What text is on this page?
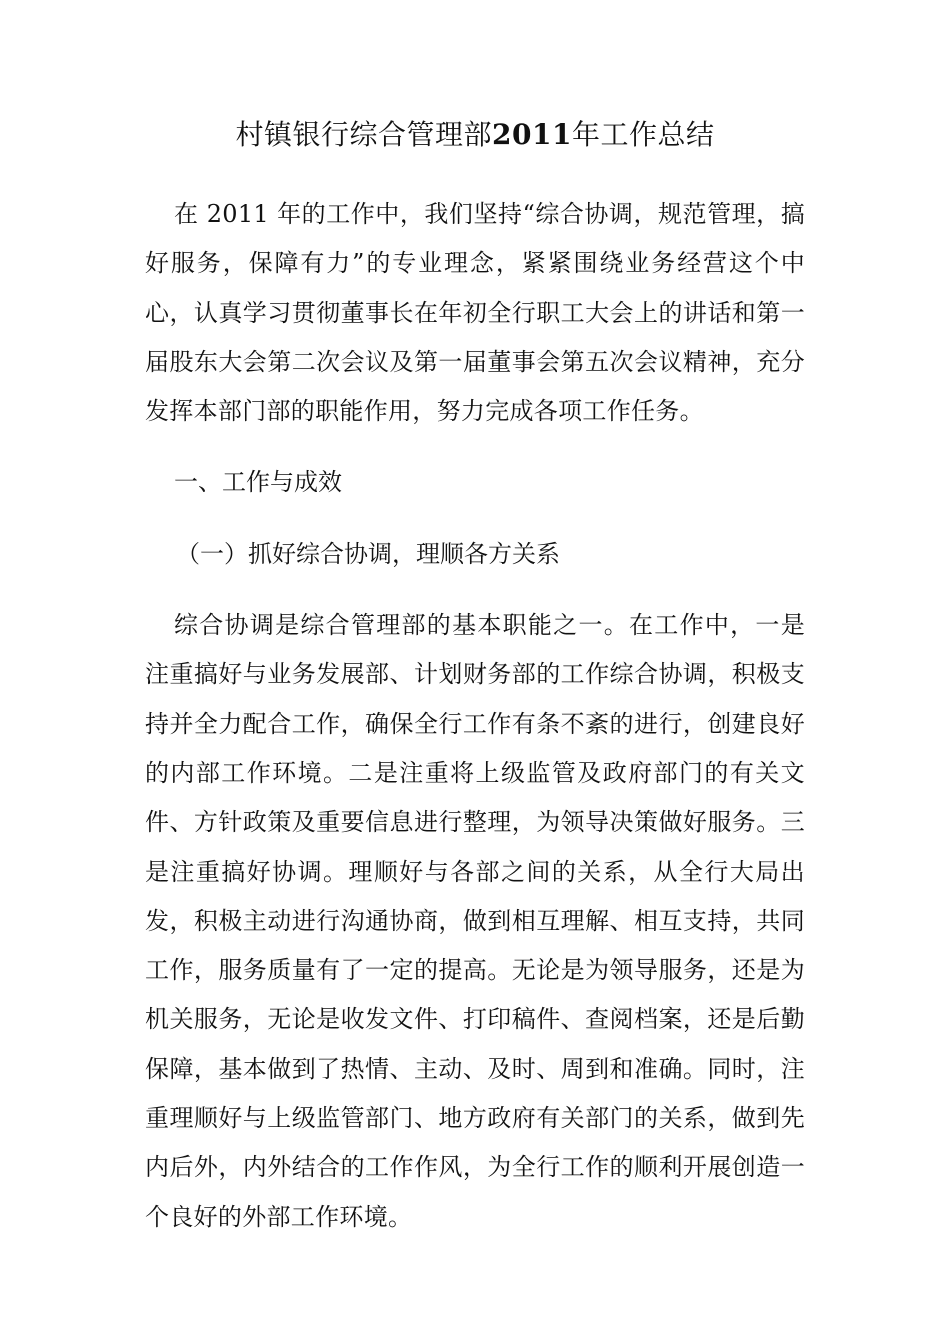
村镇银行综合管理部2011年工作总结

在 2011 年的工作中，我们坚持“综合协调，规范管理，搞好服务，保障有力”的专业理念，紧紧围绕业务经营这个中心，认真学习贯彻董事长在年初全行职工大会上的讲话和第一届股东大会第二次会议及第一届董事会第五次会议精神，充分发挥本部门部的职能作用，努力完成各项工作任务。

一、工作与成效

（一）抓好综合协调，理顺各方关系

综合协调是综合管理部的基本职能之一。在工作中，一是注重搞好与业务发展部、计划财务部的工作综合协调，积极支持并全力配合工作，确保全行工作有条不紊的进行，创建良好的内部工作环境。二是注重将上级监管及政府部门的有关文件、方针政策及重要信息进行整理，为领导决策做好服务。三是注重搞好协调。理顺好与各部之间的关系，从全行大局出发，积极主动进行沟通协商，做到相互理解、相互支持，共同工作，服务质量有了一定的提高。无论是为领导服务，还是为机关服务，无论是收发文件、打印稿件、查阅档案，还是后勤保障，基本做到了热情、主动、及时、周到和准确。同时，注重理顺好与上级监管部门、地方政府有关部门的关系，做到先内后外，内外结合的工作作风，为全行工作的顺利开展创造一个良好的外部工作环境。
